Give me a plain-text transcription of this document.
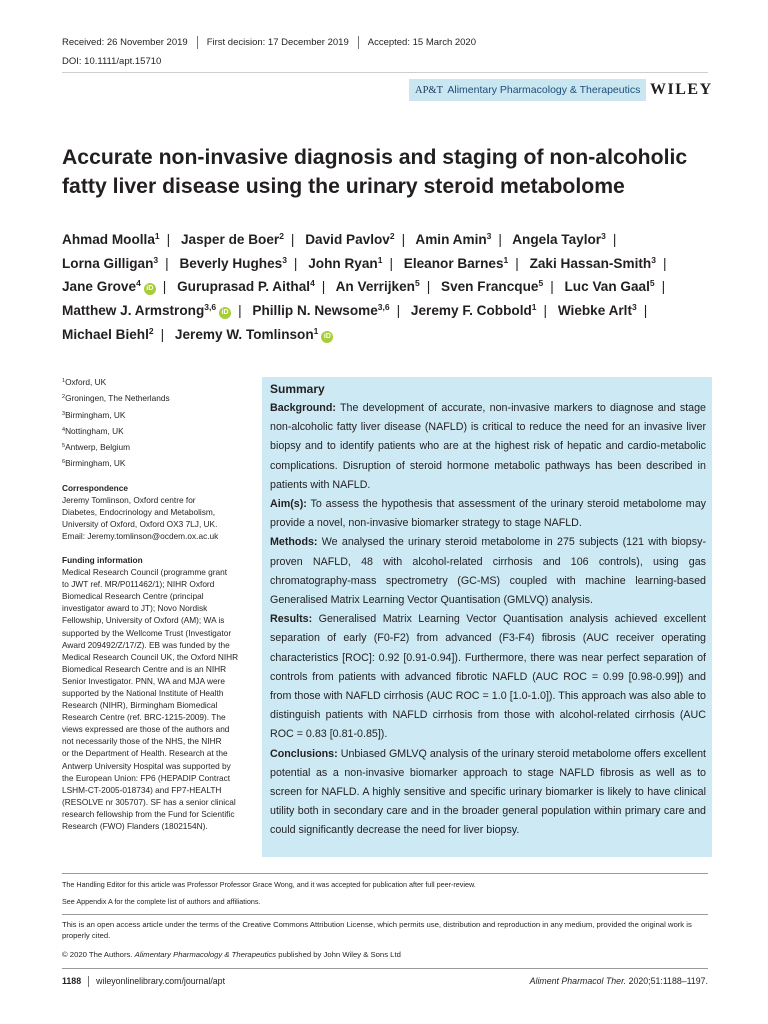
Received: 26 November 2019 First decision: 17 December 2019 Accepted: 15 March 2020
DOI: 10.1111/apt.15710
AP&T Alimentary Pharmacology & Therapeutics WILEY
Accurate non-invasive diagnosis and staging of non-alcoholic fatty liver disease using the urinary steroid metabolome
Ahmad Moolla$^1$ | Jasper de Boer$^2$ | David Pavlov$^2$ | Amin Amin$^3$ | Angela Taylor$^3$ | Lorna Gilligan$^3$ | Beverly Hughes$^3$ | John Ryan$^1$ | Eleanor Barnes$^1$ | Zaki Hassan-Smith$^3$ | Jane Grove$^4$iD | Guruprasad P. Aithal$^4$ | An Verrijken$^5$ | Sven Francque$^5$ | Luc Van Gaal$^5$ | Matthew J. Armstrong$^{3,6}$iD | Phillip N. Newsome$^{3,6}$ | Jeremy F. Cobbold$^1$ | Wiebke Arlt$^3$ | Michael Biehl$^2$ | Jeremy W. Tomlinson$^1$iD
$^1$Oxford, UK
$^2$Groningen, The Netherlands
$^3$Birmingham, UK
$^4$Nottingham, UK
$^5$Antwerp, Belgium
$^6$Birmingham, UK
Correspondence
Jeremy Tomlinson, Oxford centre for
Diabetes, Endocrinology and Metabolism,
University of Oxford, Oxford OX3 7LJ, UK.
Email: Jeremy.tomlinson@ocdem.ox.ac.uk
Funding information
Medical Research Council (programme grant
to JWT ref. MR/P011462/1); NIHR Oxford
Biomedical Research Centre (principal
investigator award to JT); Novo Nordisk
Fellowship, University of Oxford (AM); WA is
supported by the Wellcome Trust (Investigator
Award 209492/Z/17/Z). EB was funded by the
Medical Research Council UK, the Oxford NIHR
Biomedical Research Centre and is an NIHR
Senior Investigator. PNN, WA and MJA were
supported by the National Institute of Health
Research (NIHR), Birmingham Biomedical
Research Centre (ref. BRC-1215-2009). The
views expressed are those of the authors and
not necessarily those of the NHS, the NIHR
or the Department of Health. Research at the
Antwerp University Hospital was supported by
the European Union: FP6 (HEPADIP Contract
LSHM-CT-2005-018734) and FP7-HEALTH
(RESOLVE nr 305707). SF has a senior clinical
research fellowship from the Fund for Scientific
Research (FWO) Flanders (1802154N).
Summary

Background: The development of accurate, non-invasive markers to diagnose and stage non-alcoholic fatty liver disease (NAFLD) is critical to reduce the need for an invasive liver biopsy and to identify patients who are at the highest risk of hepatic and cardio-metabolic complications. Disruption of steroid hormone metabolic pathways has been described in patients with NAFLD.

Aim(s): To assess the hypothesis that assessment of the urinary steroid metabolome may provide a novel, non-invasive biomarker strategy to stage NAFLD.

Methods: We analysed the urinary steroid metabolome in 275 subjects (121 with biopsy-proven NAFLD, 48 with alcohol-related cirrhosis and 106 controls), using gas chromatography-mass spectrometry (GC-MS) coupled with machine learning-based Generalised Matrix Learning Vector Quantisation (GMLVQ) analysis.

Results: Generalised Matrix Learning Vector Quantisation analysis achieved excellent separation of early (F0-F2) from advanced (F3-F4) fibrosis (AUC receiver operating characteristics [ROC]: 0.92 [0.91-0.94]). Furthermore, there was near perfect separation of controls from patients with advanced fibrotic NAFLD (AUC ROC = 0.99 [0.98-0.99]) and from those with NAFLD cirrhosis (AUC ROC = 1.0 [1.0-1.0]). This approach was also able to distinguish patients with NAFLD cirrhosis from those with alcohol-related cirrhosis (AUC ROC = 0.83 [0.81-0.85]).

Conclusions: Unbiased GMLVQ analysis of the urinary steroid metabolome offers excellent potential as a non-invasive biomarker approach to stage NAFLD fibrosis as well as to screen for NAFLD. A highly sensitive and specific urinary biomarker is likely to have clinical utility both in secondary care and in the broader general population within primary care and could significantly decrease the need for liver biopsy.

The Handling Editor for this article was Professor Professor Grace Wong, and it was accepted for publication after full peer-review.
See Appendix A for the complete list of authors and affiliations.
This is an open access article under the terms of the Creative Commons Attribution License, which permits use, distribution and reproduction in any medium, provided the original work is properly cited.
© 2020 The Authors. Alimentary Pharmacology & Therapeutics published by John Wiley & Sons Ltd
1188 wileyonlinelibrary.com/journal/apt	Aliment Pharmacol Ther. 2020;51:1188–1197.
